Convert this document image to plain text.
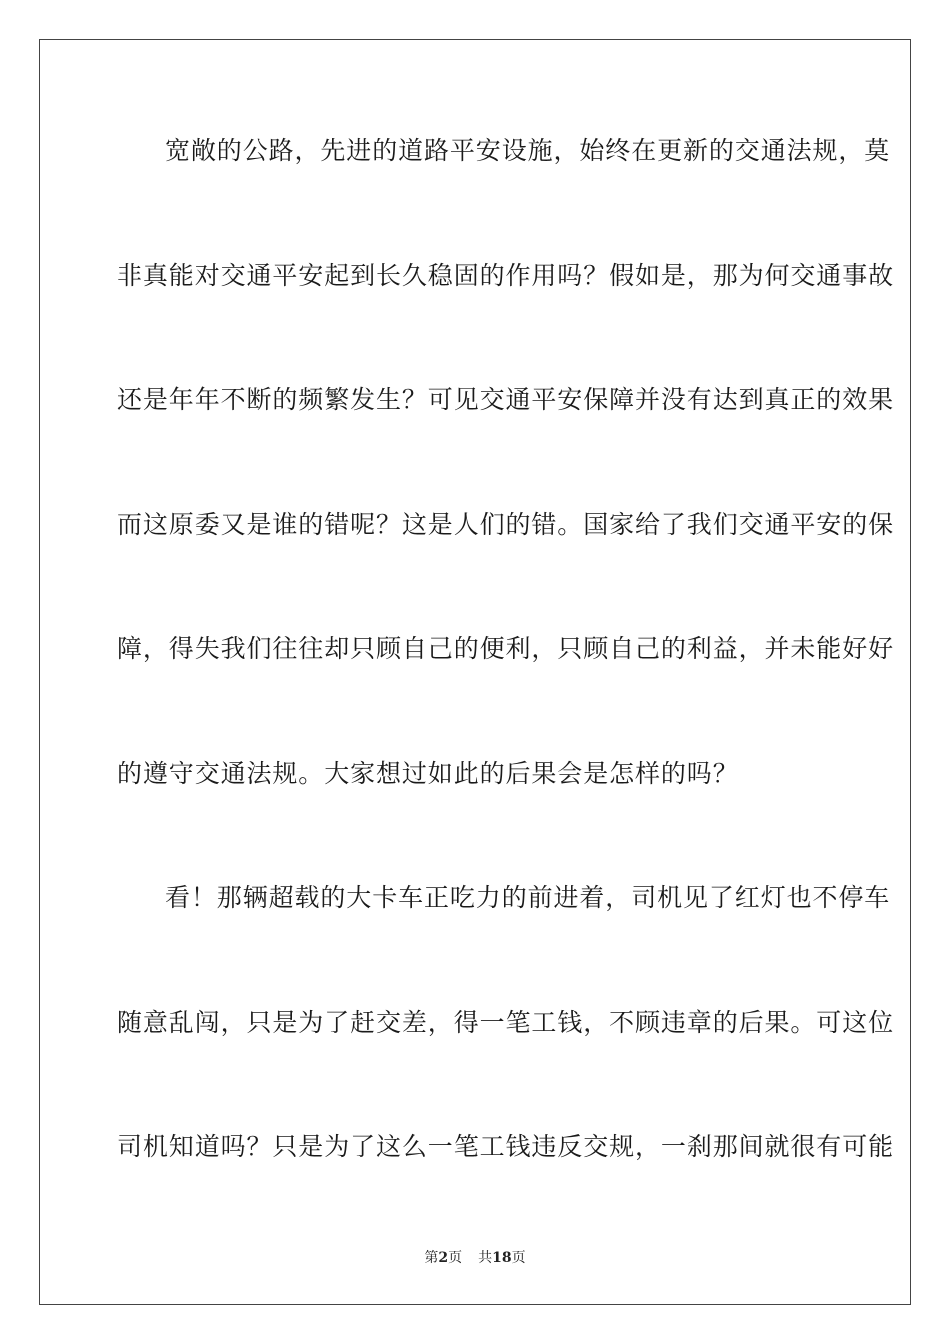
宽敞的公路，先进的道路平安设施，始终在更新的交通法规，莫
非真能对交通平安起到长久稳固的作用吗？假如是，那为何交通事故
还是年年不断的频繁发生？可见交通平安保障并没有达到真正的效果
而这原委又是谁的错呢？这是人们的错。国家给了我们交通平安的保
障，得失我们往往却只顾自己的便利，只顾自己的利益，并未能好好
的遵守交通法规。大家想过如此的后果会是怎样的吗？
看！那辆超载的大卡车正吃力的前进着，司机见了红灯也不停车
随意乱闯，只是为了赶交差，得一笔工钱，不顾违章的后果。可这位
司机知道吗？只是为了这么一笔工钱违反交规，一刹那间就很有可能
第2页 共18页
